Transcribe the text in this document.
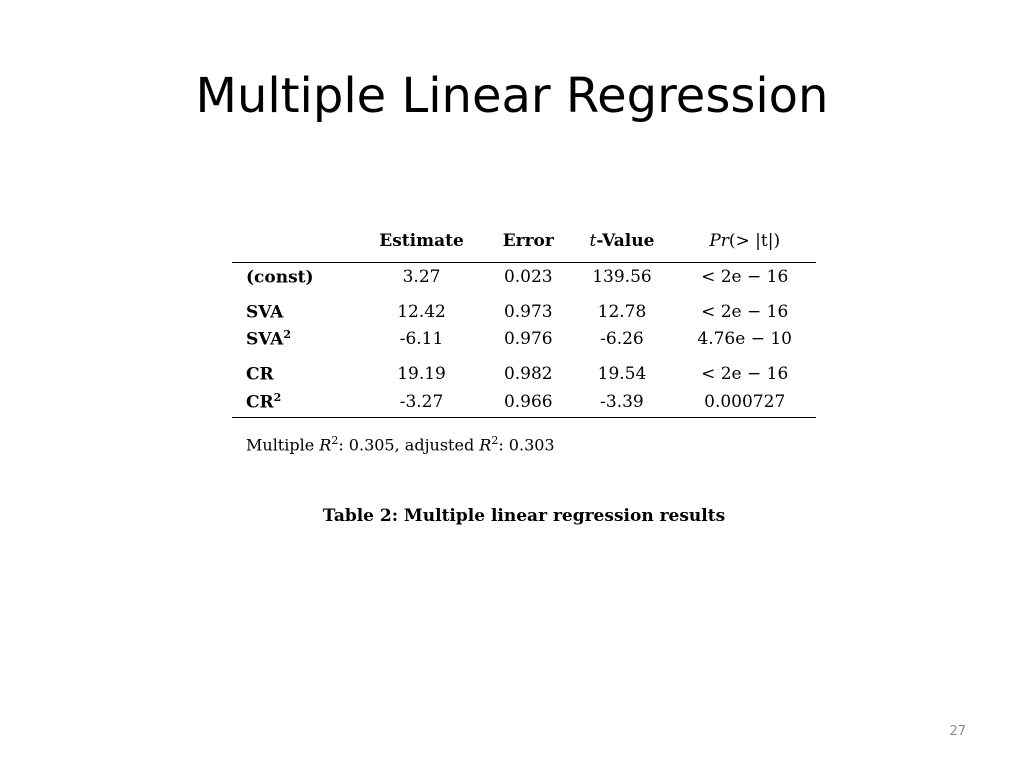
Multiple Linear Regression
	Estimate	Error	t-Value	Pr(> |t|)
(const)	3.27	0.023	139.56	< 2e − 16

SVA	12.42	0.973	12.78	< 2e − 16
SVA$^2$	-6.11	0.976	-6.26	4.76e − 10

CR	19.19	0.982	19.54	< 2e − 16
$CR^2$	-3.27	0.966	-3.39	0.000727
Multiple $R^2$: 0.305, adjusted $R^2$: 0.303
Table 2: Multiple linear regression results
27
